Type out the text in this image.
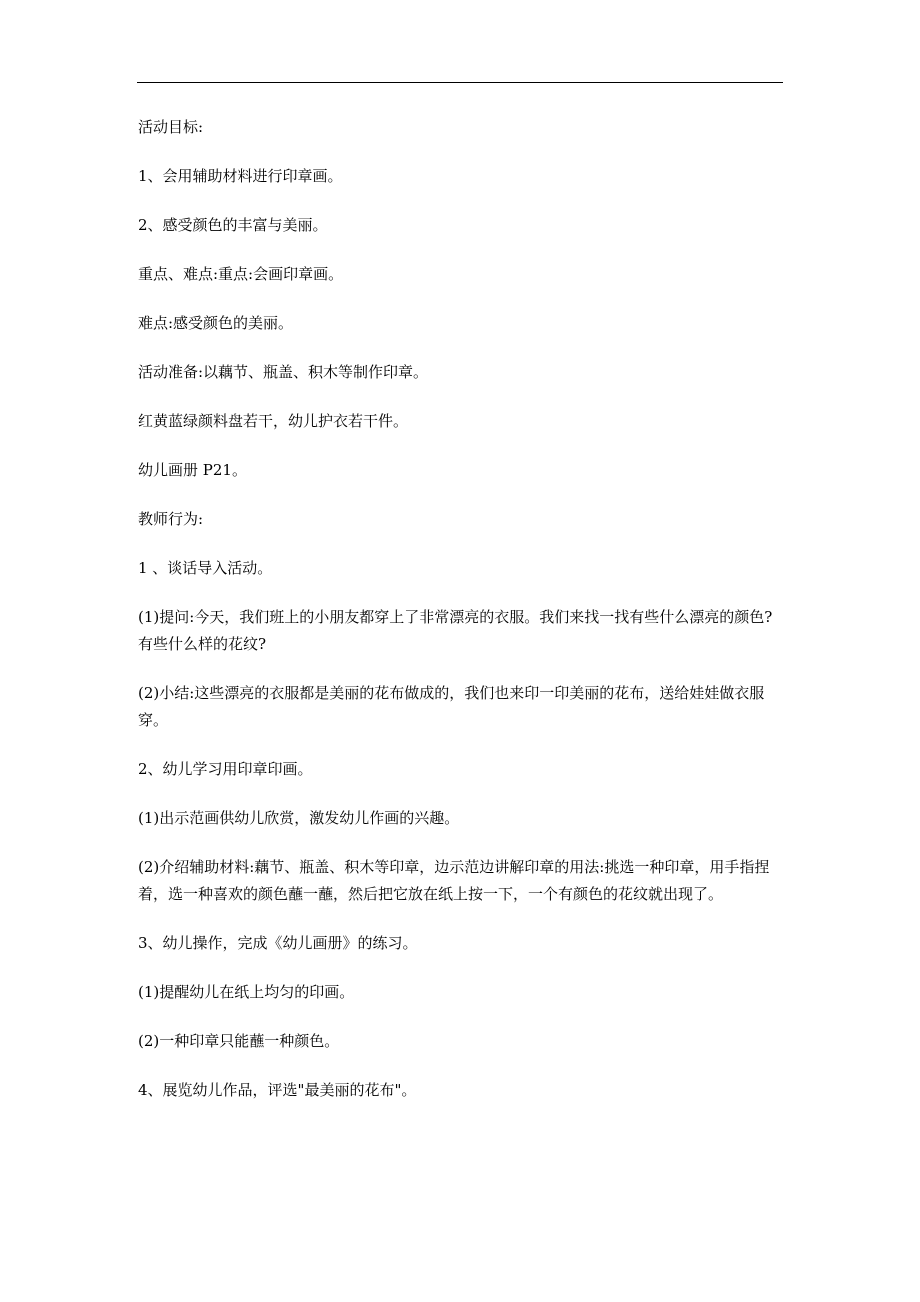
活动目标:

1、会用辅助材料进行印章画。

2、感受颜色的丰富与美丽。

重点、难点:重点:会画印章画。

难点:感受颜色的美丽。

活动准备:以藕节、瓶盖、积木等制作印章。

红黄蓝绿颜料盘若干，幼儿护衣若干件。

幼儿画册 P21。

教师行为:

1 、谈话导入活动。

(1)提问:今天，我们班上的小朋友都穿上了非常漂亮的衣服。我们来找一找有些什么漂亮的颜色?有些什么样的花纹?

(2)小结:这些漂亮的衣服都是美丽的花布做成的，我们也来印一印美丽的花布，送给娃娃做衣服穿。

2、幼儿学习用印章印画。

(1)出示范画供幼儿欣赏，激发幼儿作画的兴趣。

(2)介绍辅助材料:藕节、瓶盖、积木等印章，边示范边讲解印章的用法:挑选一种印章，用手指捏着，选一种喜欢的颜色蘸一蘸，然后把它放在纸上按一下，一个有颜色的花纹就出现了。

3、幼儿操作，完成《幼儿画册》的练习。

(1)提醒幼儿在纸上均匀的印画。

(2)一种印章只能蘸一种颜色。

4、展览幼儿作品，评选"最美丽的花布"。
